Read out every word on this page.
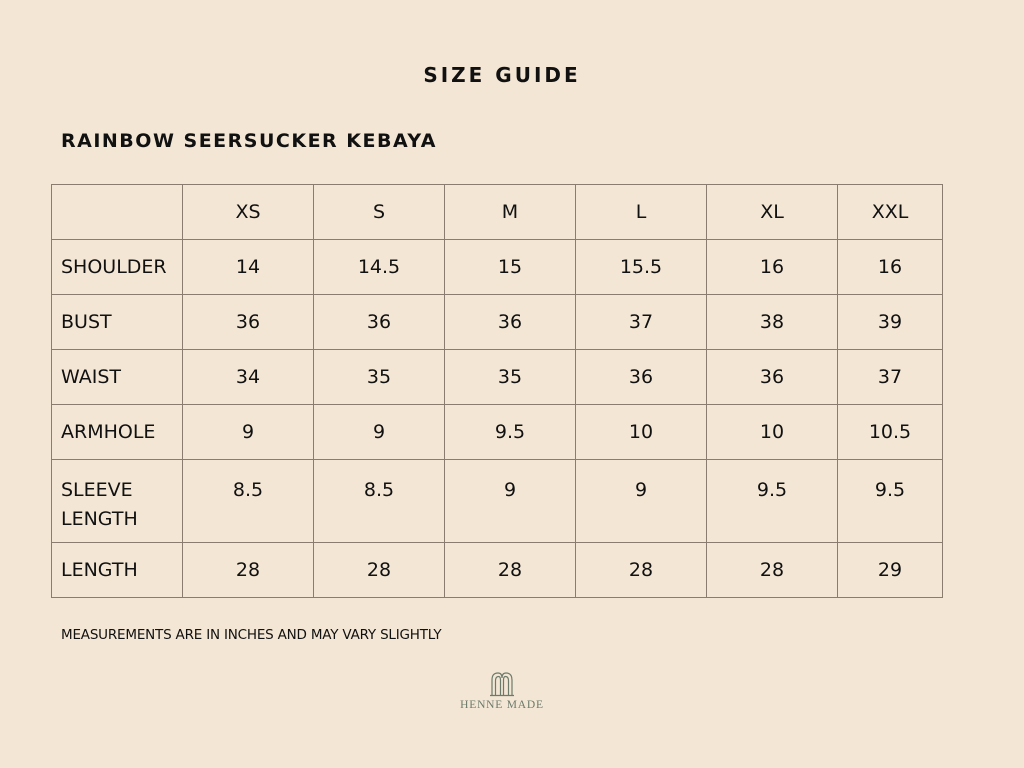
SIZE GUIDE
RAINBOW SEERSUCKER KEBAYA
	XS	S	M	L	XL	XXL
SHOULDER	14	14.5	15	15.5	16	16
BUST	36	36	36	37	38	39
WAIST	34	35	35	36	36	37
ARMHOLE	9	9	9.5	10	10	10.5
SLEEVE LENGTH	8.5	8.5	9	9	9.5	9.5
LENGTH	28	28	28	28	28	29
MEASUREMENTS ARE IN INCHES AND MAY VARY SLIGHTLY
HENNE MADE
